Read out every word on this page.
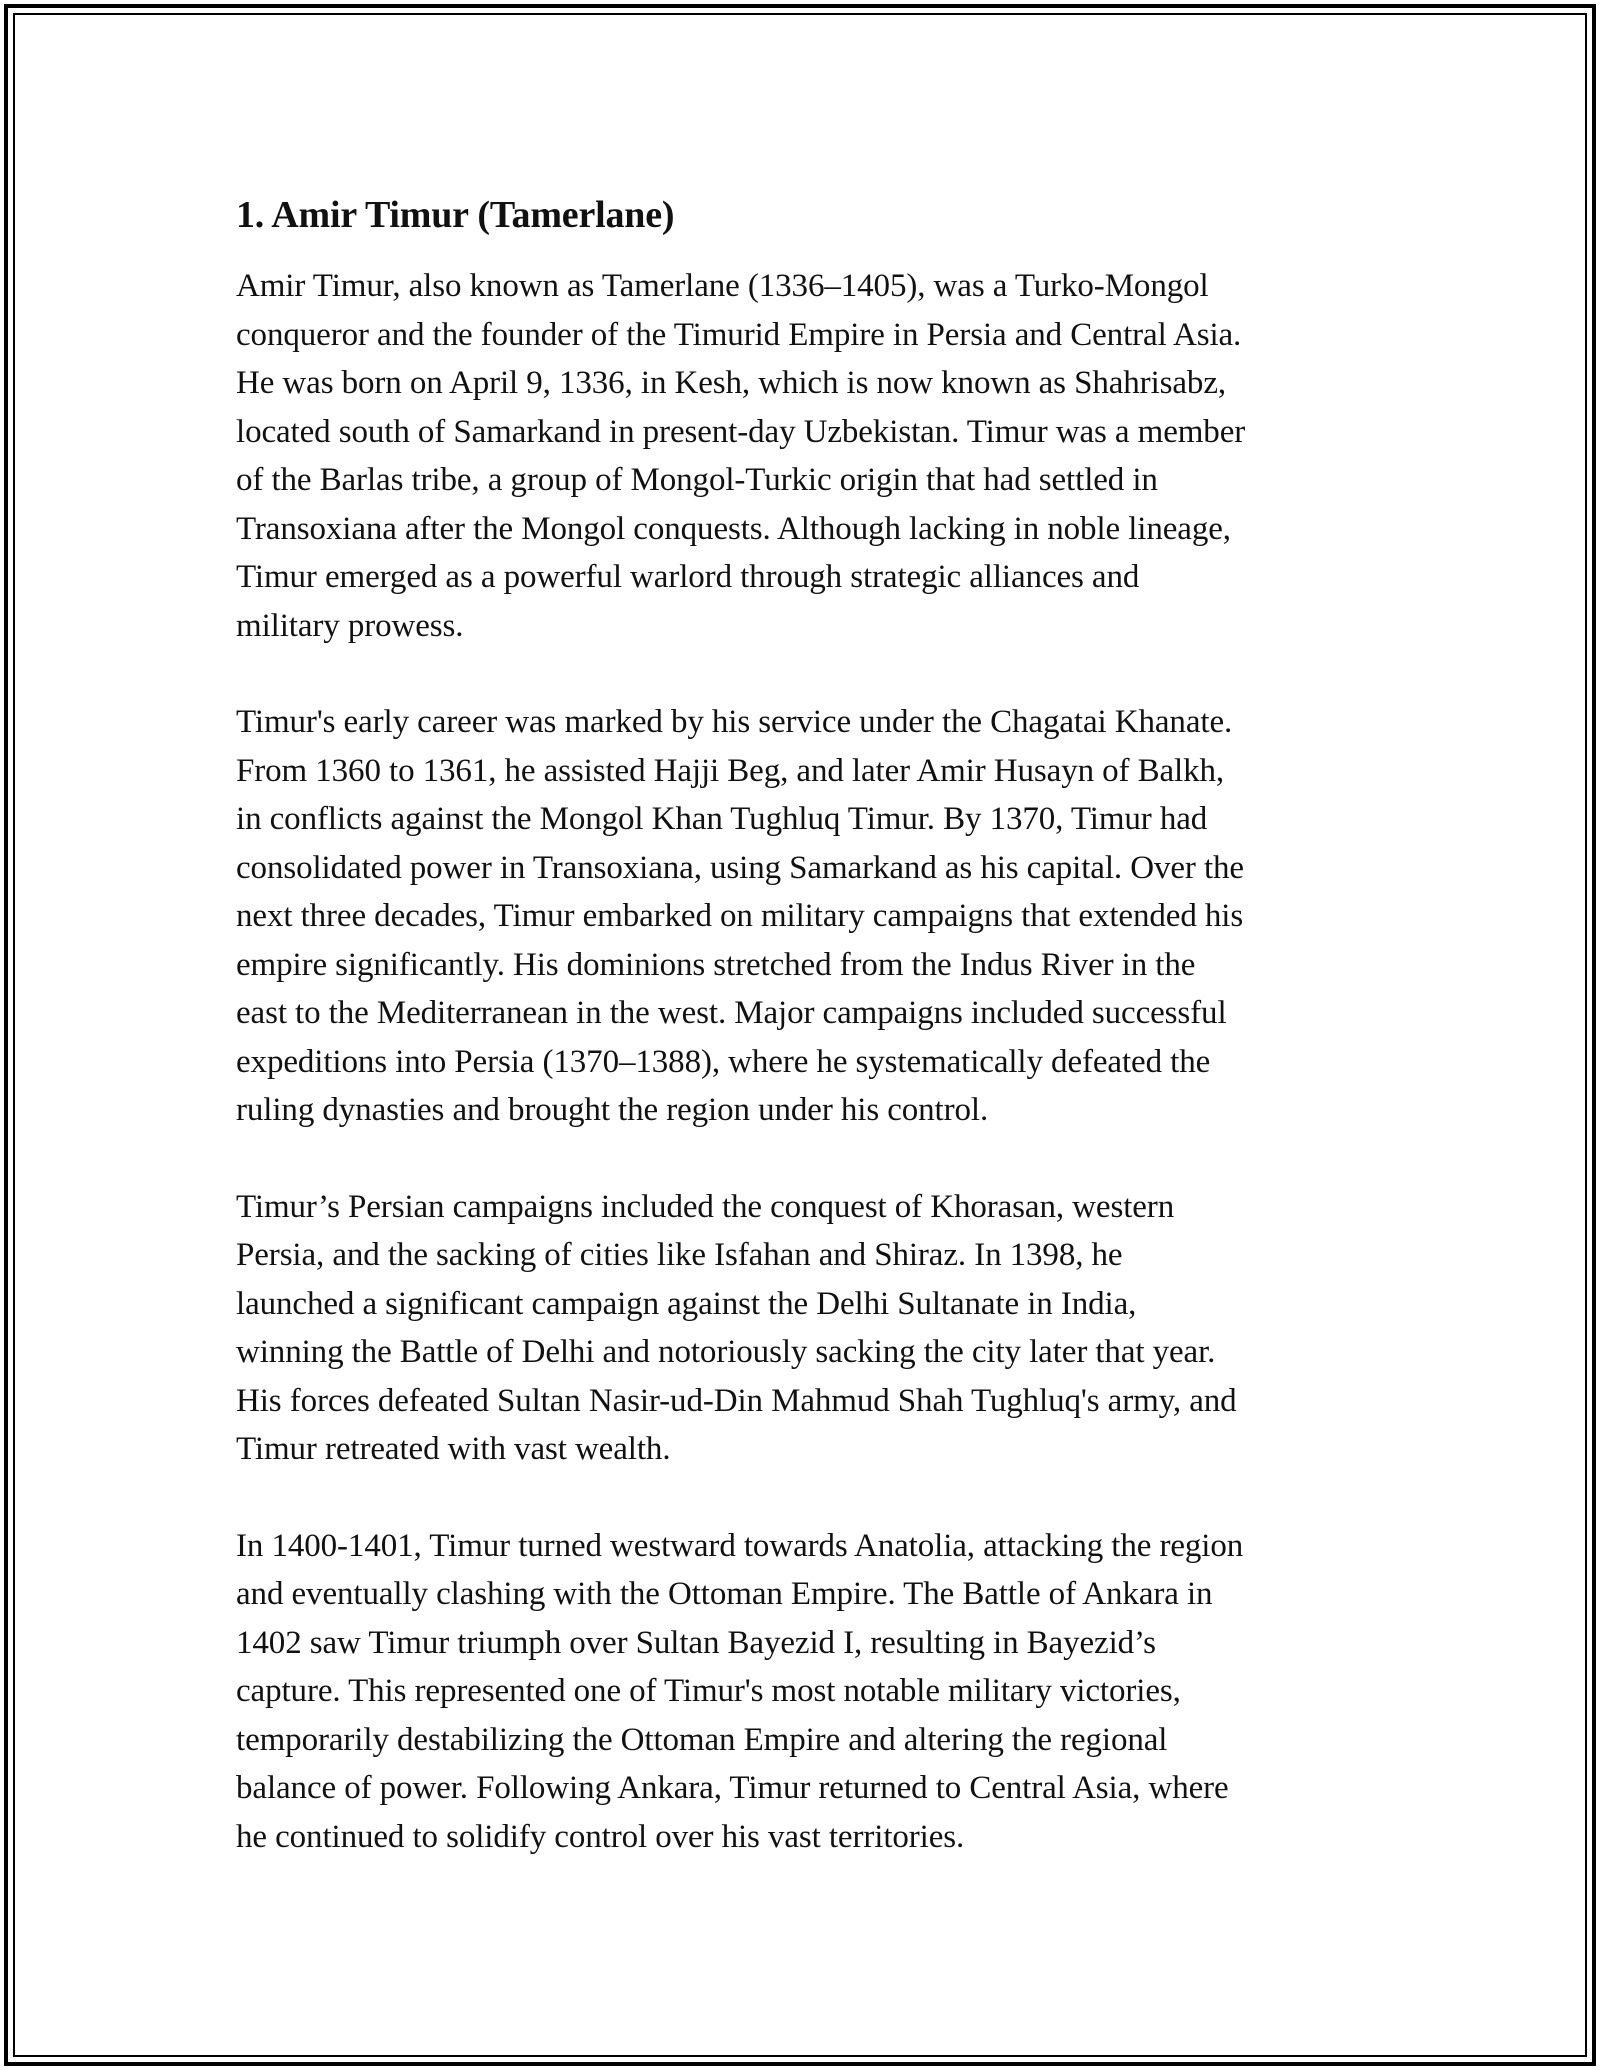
1. Amir Timur (Tamerlane)

Amir Timur, also known as Tamerlane (1336–1405), was a Turko-Mongol
conqueror and the founder of the Timurid Empire in Persia and Central Asia.
He was born on April 9, 1336, in Kesh, which is now known as Shahrisabz,
located south of Samarkand in present-day Uzbekistan. Timur was a member
of the Barlas tribe, a group of Mongol-Turkic origin that had settled in
Transoxiana after the Mongol conquests. Although lacking in noble lineage,
Timur emerged as a powerful warlord through strategic alliances and
military prowess.

Timur's early career was marked by his service under the Chagatai Khanate.
From 1360 to 1361, he assisted Hajji Beg, and later Amir Husayn of Balkh,
in conflicts against the Mongol Khan Tughluq Timur. By 1370, Timur had
consolidated power in Transoxiana, using Samarkand as his capital. Over the
next three decades, Timur embarked on military campaigns that extended his
empire significantly. His dominions stretched from the Indus River in the
east to the Mediterranean in the west. Major campaigns included successful
expeditions into Persia (1370–1388), where he systematically defeated the
ruling dynasties and brought the region under his control.

Timur’s Persian campaigns included the conquest of Khorasan, western
Persia, and the sacking of cities like Isfahan and Shiraz. In 1398, he
launched a significant campaign against the Delhi Sultanate in India,
winning the Battle of Delhi and notoriously sacking the city later that year.
His forces defeated Sultan Nasir-ud-Din Mahmud Shah Tughluq's army, and
Timur retreated with vast wealth.

In 1400-1401, Timur turned westward towards Anatolia, attacking the region
and eventually clashing with the Ottoman Empire. The Battle of Ankara in
1402 saw Timur triumph over Sultan Bayezid I, resulting in Bayezid’s
capture. This represented one of Timur's most notable military victories,
temporarily destabilizing the Ottoman Empire and altering the regional
balance of power. Following Ankara, Timur returned to Central Asia, where
he continued to solidify control over his vast territories.
